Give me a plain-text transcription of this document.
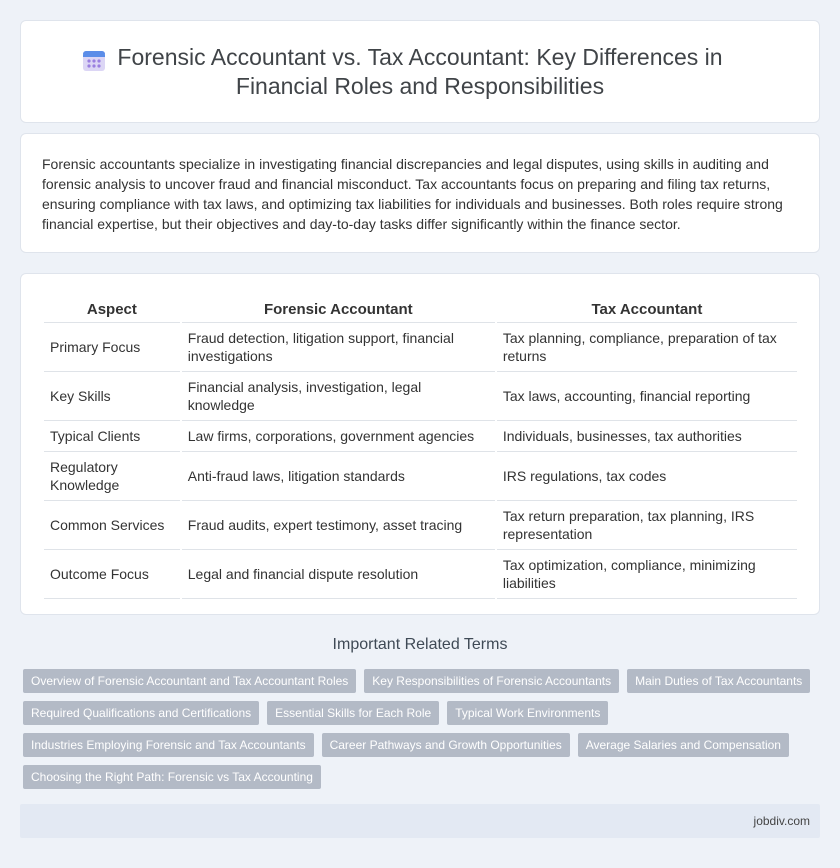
Forensic Accountant vs. Tax Accountant: Key Differences in
Financial Roles and Responsibilities

Forensic accountants specialize in investigating financial discrepancies and legal disputes, using skills in auditing and forensic analysis to uncover fraud and financial misconduct. Tax accountants focus on preparing and filing tax returns, ensuring compliance with tax laws, and optimizing tax liabilities for individuals and businesses. Both roles require strong financial expertise, but their objectives and day-to-day tasks differ significantly within the finance sector.

Aspect	Forensic Accountant	Tax Accountant
Primary Focus	Fraud detection, litigation support, financial investigations	Tax planning, compliance, preparation of tax returns
Key Skills	Financial analysis, investigation, legal knowledge	Tax laws, accounting, financial reporting
Typical Clients	Law firms, corporations, government agencies	Individuals, businesses, tax authorities
Regulatory Knowledge	Anti-fraud laws, litigation standards	IRS regulations, tax codes
Common Services	Fraud audits, expert testimony, asset tracing	Tax return preparation, tax planning, IRS representation
Outcome Focus	Legal and financial dispute resolution	Tax optimization, compliance, minimizing liabilities
Important Related Terms
Overview of Forensic Accountant and Tax Accountant Roles	Key Responsibilities of Forensic Accountants	Main Duties of Tax Accountants
Required Qualifications and Certifications	Essential Skills for Each Role	Typical Work Environments
Industries Employing Forensic and Tax Accountants	Career Pathways and Growth Opportunities	Average Salaries and Compensation
Choosing the Right Path: Forensic vs Tax Accounting
jobdiv.com
